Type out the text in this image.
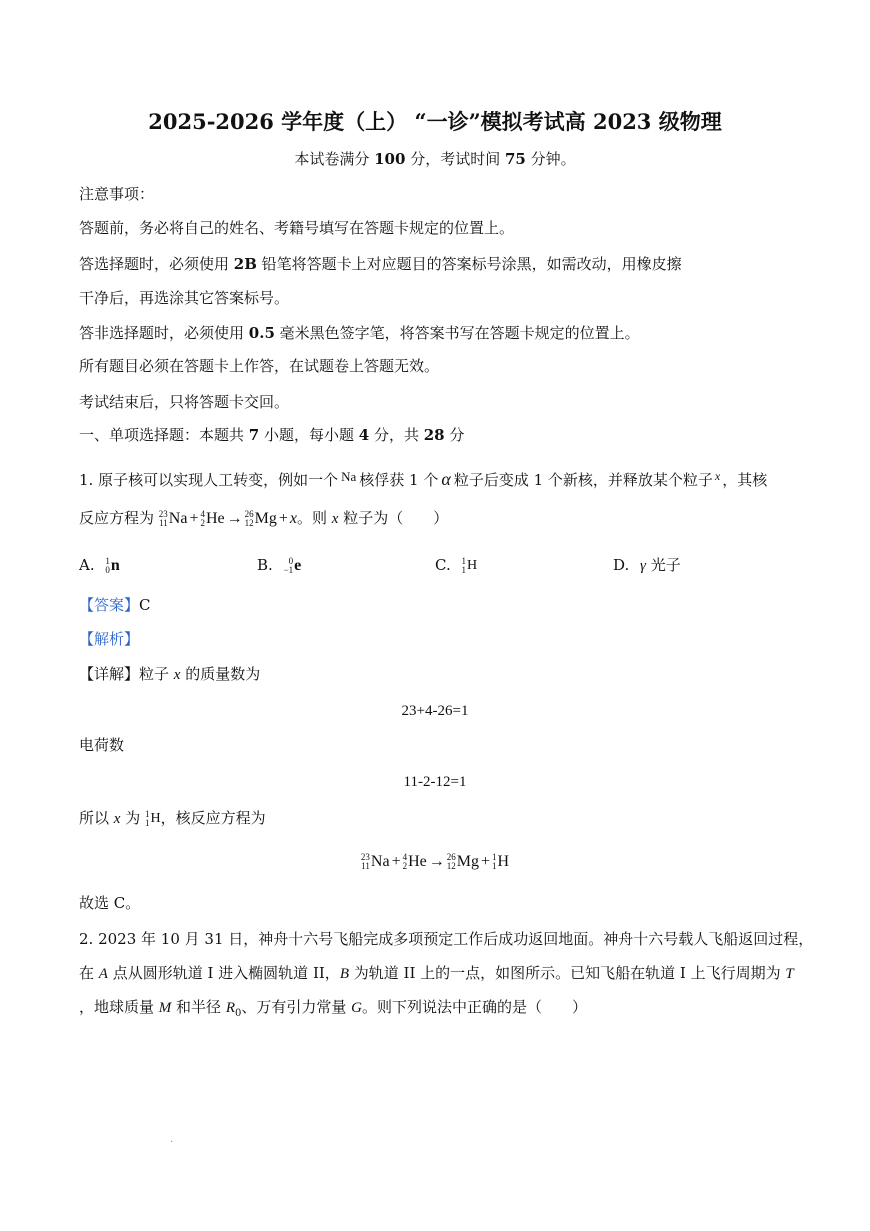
2025-2026 学年度（上） “一诊”模拟考试高 2023 级物理
本试卷满分 100 分，考试时间 75 分钟。
注意事项：
答题前，务必将自己的姓名、考籍号填写在答题卡规定的位置上。
答选择题时，必须使用 2B 铅笔将答题卡上对应题目的答案标号涂黑，如需改动，用橡皮擦
干净后，再选涂其它答案标号。
答非选择题时，必须使用 0.5 毫米黑色签字笔，将答案书写在答题卡规定的位置上。
所有题目必须在答题卡上作答，在试题卷上答题无效。
考试结束后，只将答题卡交回。
一、单项选择题：本题共 7 小题，每小题 4 分，共 28 分
1. 原子核可以实现人工转变，例如一个 Na 核俘获 1 个 α 粒子后变成 1 个新核，并释放某个粒子 $^x$ ，其核
反应方程为 23
11 Na + 4
2 He → 26
12 Mg + x 。则 x 粒子为（　　）
A. 1
0 n	B. 0
−1 e	C. 1
1 H	D. γ 光子
【答案】C
【解析】
【详解】粒子 x 的质量数为
23+4-26=1
电荷数
11-2-12=1
所以 x 为 1
1 H ，核反应方程为
23
11 Na + 4
2 He → 26
12 Mg + 1
1 H
故选 C。
2. 2023 年 10 月 31 日，神舟十六号飞船完成多项预定工作后成功返回地面。神舟十六号载人飞船返回过程，
在 A 点从圆形轨道 I 进入椭圆轨道 II，B 为轨道 II 上的一点，如图所示。已知飞船在轨道 I 上飞行周期为 T
，地球质量 M 和半径 $R_0$、万有引力常量 G。则下列说法中正确的是（　　）
.
